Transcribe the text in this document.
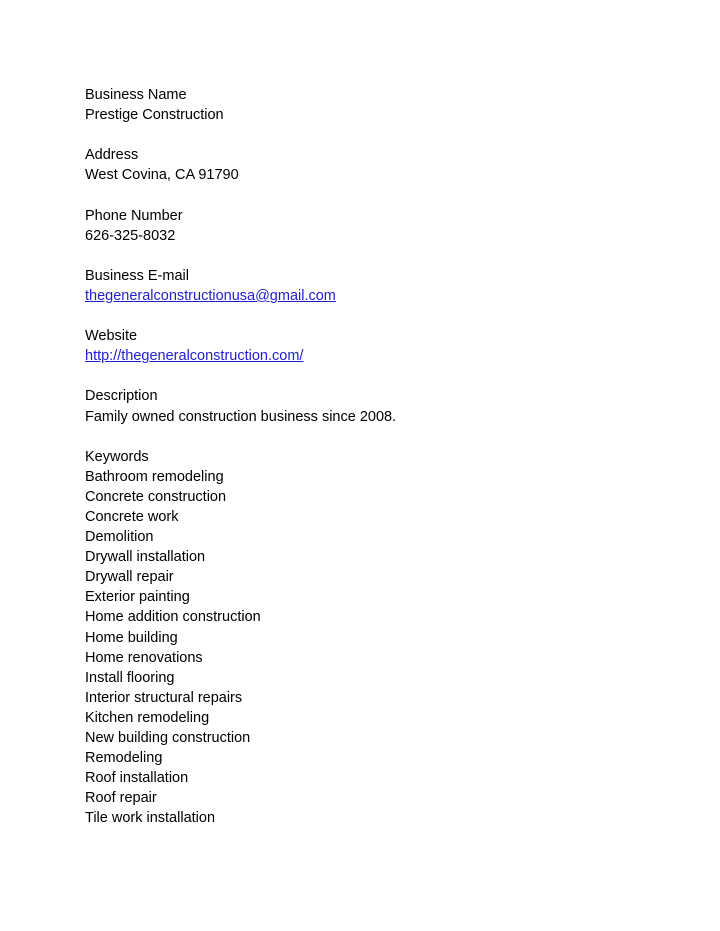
Business Name
Prestige Construction
Address
West Covina, CA 91790
Phone Number
626-325-8032
Business E-mail
thegeneralconstructionusa@gmail.com
Website
http://thegeneralconstruction.com/
Description
Family owned construction business since 2008.
Keywords
Bathroom remodeling
Concrete construction
Concrete work
Demolition
Drywall installation
Drywall repair
Exterior painting
Home addition construction
Home building
Home renovations
Install flooring
Interior structural repairs
Kitchen remodeling
New building construction
Remodeling
Roof installation
Roof repair
Tile work installation
